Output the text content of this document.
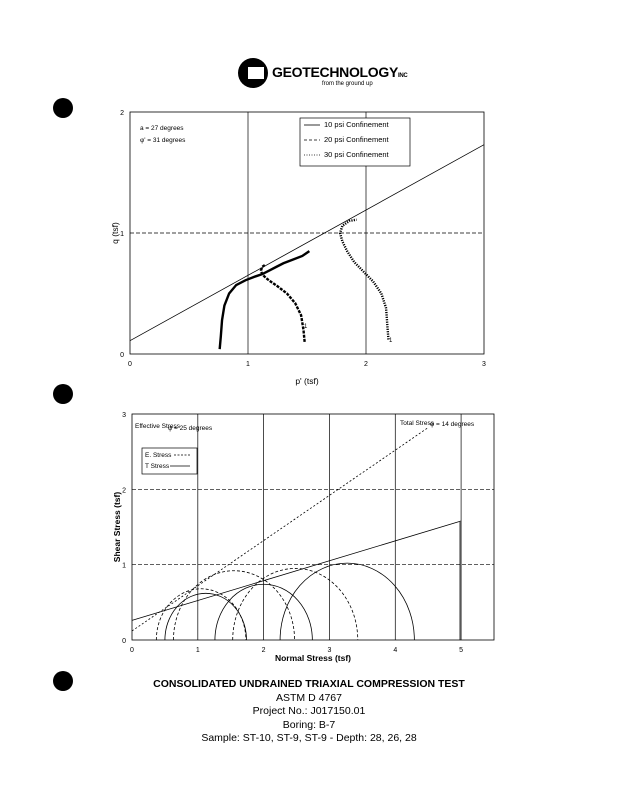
GEOTECHNOLOGYINC
from the ground up
0	1	2	3
0
1
2
a = 27 degrees
φ' = 31 degrees
10 psi Confinement
20 psi Confinement
30 psi Confinement
1
1
p' (tsf)
q (tsf)
0	1	2	3	4	5
0
1
2
3
Effective Stress
φ = 25 degrees
Total Stress
φ = 14 degrees
E. Stress
T Stress
Normal Stress (tsf)
Shear Stress (tsf)
CONSOLIDATED UNDRAINED TRIAXIAL COMPRESSION TEST
ASTM D 4767
Project No.: J017150.01
Boring: B-7
Sample: ST-10, ST-9, ST-9 - Depth: 28, 26, 28
